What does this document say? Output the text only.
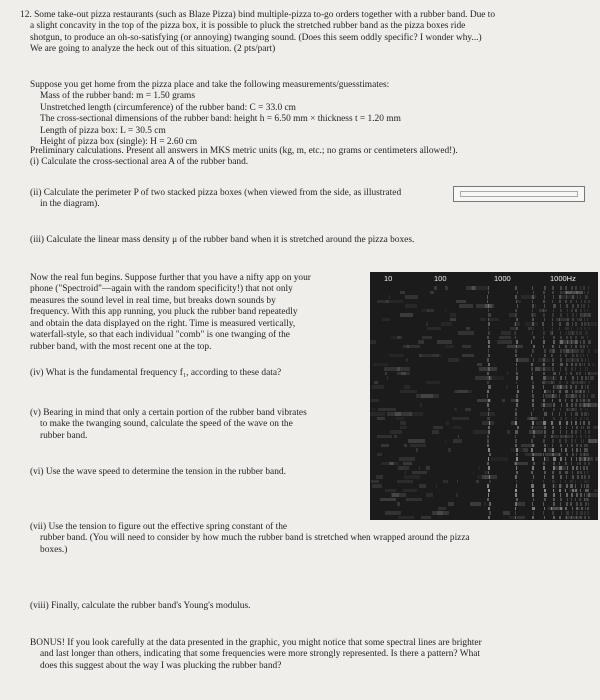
12. Some take-out pizza restaurants (such as Blaze Pizza) bind multiple-pizza to-go orders together with a rubber band. Due to
a slight concavity in the top of the pizza box, it is possible to pluck the stretched rubber band as the pizza boxes ride
shotgun, to produce an oh-so-satisfying (or annoying) twanging sound. (Does this seem oddly specific? I wonder why...)
We are going to analyze the heck out of this situation. (2 pts/part)
Suppose you get home from the pizza place and take the following measurements/guesstimates:
Mass of the rubber band: m = 1.50 grams
Unstretched length (circumference) of the rubber band: C = 33.0 cm
The cross-sectional dimensions of the rubber band: height h = 6.50 mm × thickness t = 1.20 mm
Length of pizza box: L = 30.5 cm
Height of pizza box (single): H = 2.60 cm
Preliminary calculations. Present all answers in MKS metric units (kg, m, etc.; no grams or centimeters allowed!).
(i) Calculate the cross-sectional area A of the rubber band.
(ii) Calculate the perimeter P of two stacked pizza boxes (when viewed from the side, as illustrated
in the diagram).
(iii) Calculate the linear mass density μ of the rubber band when it is stretched around the pizza boxes.
Now the real fun begins. Suppose further that you have a nifty app on your
phone ("Spectroid"—again with the random specificity!) that not only
measures the sound level in real time, but breaks down sounds by
frequency. With this app running, you pluck the rubber band repeatedly
and obtain the data displayed on the right. Time is measured vertically,
waterfall-style, so that each individual "comb" is one twanging of the
rubber band, with the most recent one at the top.
(iv) What is the fundamental frequency f₁, according to these data?
(v) Bearing in mind that only a certain portion of the rubber band vibrates
to make the twanging sound, calculate the speed of the wave on the
rubber band.
(vi) Use the wave speed to determine the tension in the rubber band.
(vii) Use the tension to figure out the effective spring constant of the
rubber band. (You will need to consider by how much the rubber band is stretched when wrapped around the pizza
boxes.)
(viii) Finally, calculate the rubber band's Young's modulus.
BONUS! If you look carefully at the data presented in the graphic, you might notice that some spectral lines are brighter
and last longer than others, indicating that some frequencies were more strongly represented. Is there a pattern? What
does this suggest about the way I was plucking the rubber band?
10	100	1000	1000Hz
